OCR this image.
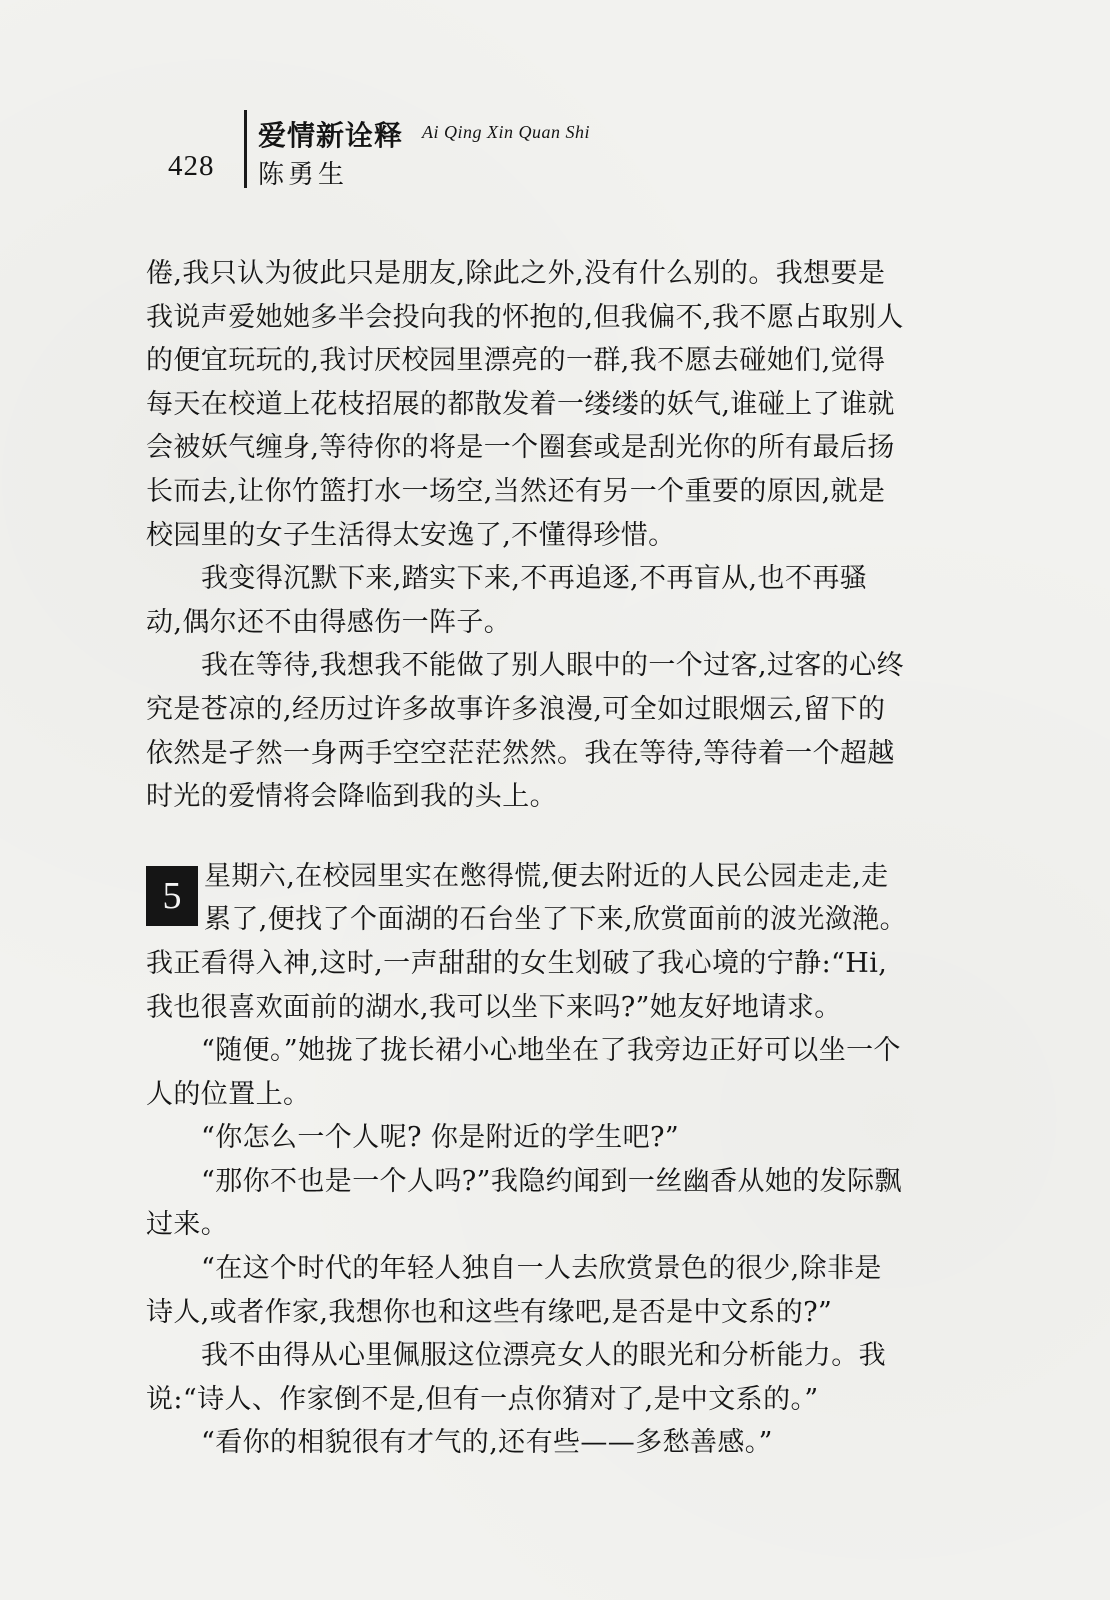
428
爱情新诠释 Ai Qing Xin Quan Shi
陈勇生
倦,我只认为彼此只是朋友,除此之外,没有什么别的。我想要是
我说声爱她她多半会投向我的怀抱的,但我偏不,我不愿占取别人
的便宜玩玩的,我讨厌校园里漂亮的一群,我不愿去碰她们,觉得
每天在校道上花枝招展的都散发着一缕缕的妖气,谁碰上了谁就
会被妖气缠身,等待你的将是一个圈套或是刮光你的所有最后扬
长而去,让你竹篮打水一场空,当然还有另一个重要的原因,就是
校园里的女子生活得太安逸了,不懂得珍惜。
我变得沉默下来,踏实下来,不再追逐,不再盲从,也不再骚
动,偶尔还不由得感伤一阵子。
我在等待,我想我不能做了别人眼中的一个过客,过客的心终
究是苍凉的,经历过许多故事许多浪漫,可全如过眼烟云,留下的
依然是孑然一身两手空空茫茫然然。我在等待,等待着一个超越
时光的爱情将会降临到我的头上。
星期六,在校园里实在憋得慌,便去附近的人民公园走走,走
累了,便找了个面湖的石台坐了下来,欣赏面前的波光潋滟。
我正看得入神,这时,一声甜甜的女生划破了我心境的宁静:“Hi,
我也很喜欢面前的湖水,我可以坐下来吗?”她友好地请求。
“随便。”她拢了拢长裙小心地坐在了我旁边正好可以坐一个
人的位置上。
“你怎么一个人呢? 你是附近的学生吧?”
“那你不也是一个人吗?”我隐约闻到一丝幽香从她的发际飘
过来。
“在这个时代的年轻人独自一人去欣赏景色的很少,除非是
诗人,或者作家,我想你也和这些有缘吧,是否是中文系的?”
我不由得从心里佩服这位漂亮女人的眼光和分析能力。我
说:“诗人、作家倒不是,但有一点你猜对了,是中文系的。”
“看你的相貌很有才气的,还有些——多愁善感。”
5
